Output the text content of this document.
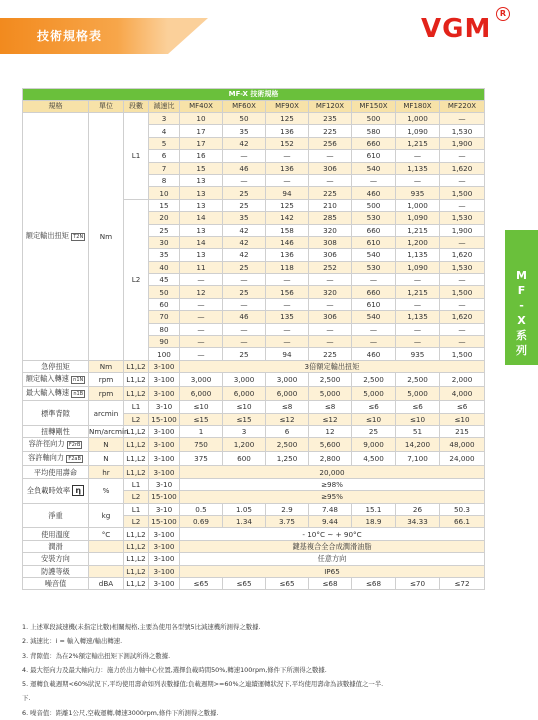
技術規格表	VGM
R
M
F
-
X
系
列
MF-X 技術規格										
規格	單位	段數	減速比	MF40X	MF60X	MF90X	MF120X	MF150X	MF180X	MF220X
額定輸出扭矩 T2N	Nm	L1	3	10	50	125	235	500	1,000	—
			4	17	35	136	225	580	1,090	1,530
			5	17	42	152	256	660	1,215	1,900
			6	16	—	—	—	610	—	—
			7	15	46	136	306	540	1,135	1,620
			8	13	—	—	—	—	—	—
			10	13	25	94	225	460	935	1,500
		L2	15	13	25	125	210	500	1,000	—
			20	14	35	142	285	530	1,090	1,530
			25	13	42	158	320	660	1,215	1,900
			30	14	42	146	308	610	1,200	—
			35	13	42	136	306	540	1,135	1,620
			40	11	25	118	252	530	1,090	1,530
			45	—	—	—	—	—	—	—
			50	12	25	156	320	660	1,215	1,500
			60	—	—	—	—	610	—	—
			70	—	46	135	306	540	1,135	1,620
			80	—	—	—	—	—	—	—
			90	—	—	—	—	—	—	—
			100	—	25	94	225	460	935	1,500
急停扭矩	Nm	L1,L2	3-100	3倍額定輸出扭矩						
額定輸入轉速 n1N	rpm	L1,L2	3-100	3,000	3,000	3,000	2,500	2,500	2,500	2,000
最大輸入轉速 n1B	rpm	L1,L2	3-100	6,000	6,000	6,000	5,000	5,000	5,000	4,000
標準背隙	arcmin	L1	3-10	≤10	≤10	≤8	≤8	≤6	≤6	≤6
		L2	15-100	≤15	≤15	≤12	≤12	≤10	≤10	≤10
扭轉剛性	Nm/arcmin	L1,L2	3-100	1	3	6	12	25	51	215
容許徑向力 F2rB	N	L1,L2	3-100	750	1,200	2,500	5,600	9,000	14,200	48,000
容許軸向力 F2aB	N	L1,L2	3-100	375	600	1,250	2,800	4,500	7,100	24,000
平均使用壽命	hr	L1,L2	3-100	20,000						
全負載時效率 η	%	L1	3-10	≥98%						
		L2	15-100	≥95%						
淨重	kg	L1	3-10	0.5	1.05	2.9	7.48	15.1	26	50.3
		L2	15-100	0.69	1.34	3.75	9.44	18.9	34.33	66.1
使用溫度	°C	L1,L2	3-100	- 10°C ~ + 90°C						
潤滑		L1,L2	3-100	鍵基複合全合成潤滑油脂						
安裝方向		L1,L2	3-100	任意方向						
防護等級		L1,L2	3-100	IP65						
噪音值	dBA	L1,L2	3-100	≤65	≤65	≤65	≤68	≤68	≤70	≤72
1. 上述單段減速機(未指定比數)相關規格,主要為使用各型號5比減速機所測得之數據.
2. 減速比：i = 輸入轉速/輸出轉速.
3. 背隙值：為在2%額定輸出扭矩下測試所得之數據.
4. 最大徑向力及最大軸向力：施力於出力軸中心位置,選擇負載時間50%,轉速100rpm,條件下所測得之數據.
5. 運轉負載週期<60%狀況下,平均使用壽命如列表數據值;負載週期>=60%之連續運轉狀況下,平均使用壽命為該數據值之一半.
下.
6. 噪音值：距離1公尺,空載運轉,轉速3000rpm,條件下所測得之數據.
